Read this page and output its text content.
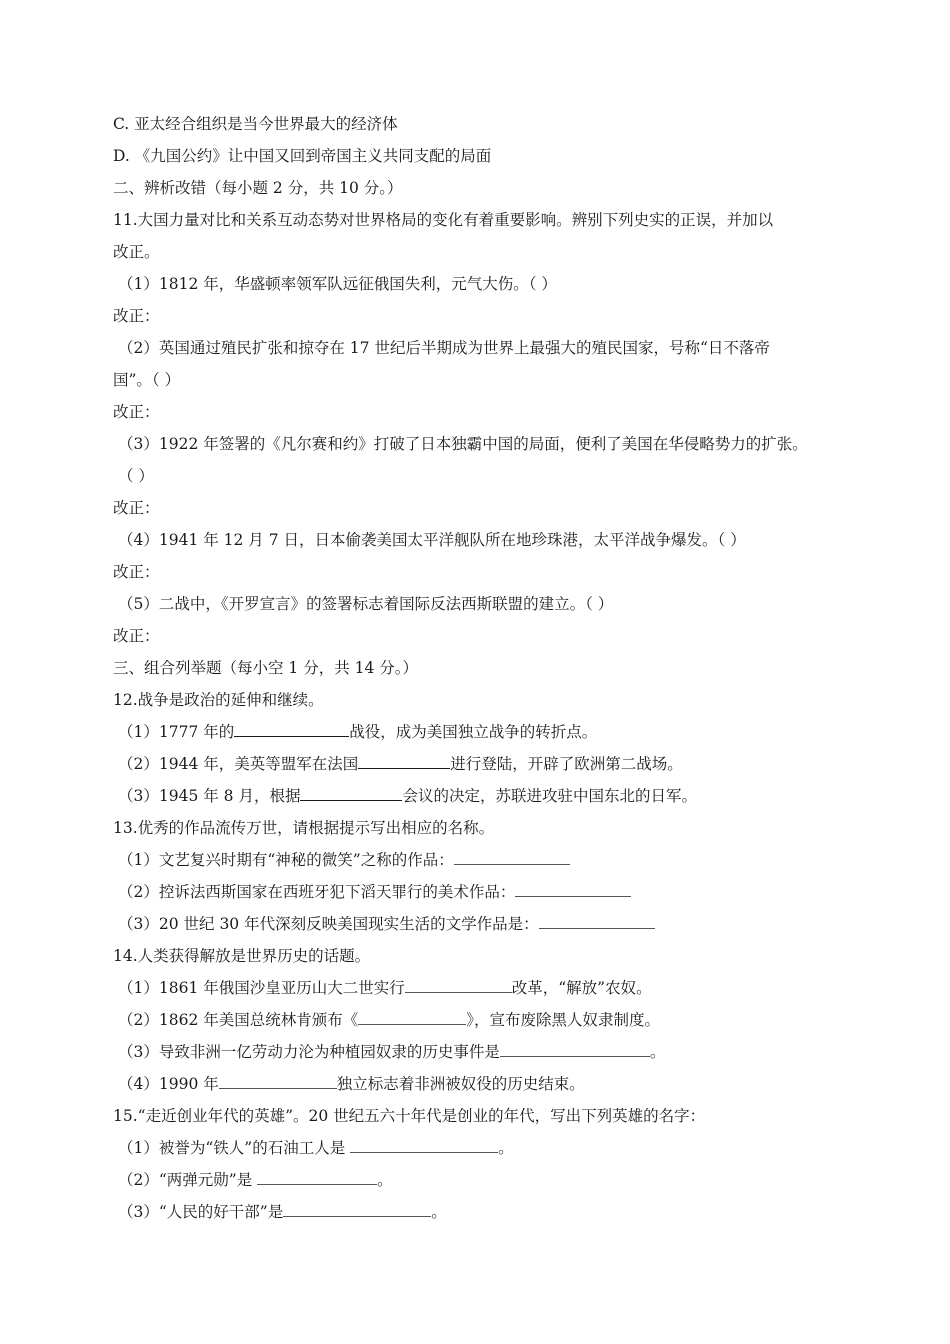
C. 亚太经合组织是当今世界最大的经济体
D. 《九国公约》让中国又回到帝国主义共同支配的局面
二、辨析改错（每小题 2 分，共 10 分。）
11.大国力量对比和关系互动态势对世界格局的变化有着重要影响。辨别下列史实的正误，并加以
改正。
（1）1812 年，华盛顿率领军队远征俄国失利，元气大伤。（ ）
改正：
（2）英国通过殖民扩张和掠夺在 17 世纪后半期成为世界上最强大的殖民国家，号称“日不落帝
国”。（ ）
改正：
（3）1922 年签署的《凡尔赛和约》打破了日本独霸中国的局面，便利了美国在华侵略势力的扩张。
（ ）
改正：
（4）1941 年 12 月 7 日，日本偷袭美国太平洋舰队所在地珍珠港，太平洋战争爆发。（ ）
改正：
（5）二战中，《开罗宣言》的签署标志着国际反法西斯联盟的建立。（ ）
改正：
三、组合列举题（每小空 1 分，共 14 分。）
12.战争是政治的延伸和继续。
（1）1777 年的	战役，成为美国独立战争的转折点。
（2）1944 年，美英等盟军在法国	进行登陆，开辟了欧洲第二战场。
（3）1945 年 8 月，根据	会议的决定，苏联进攻驻中国东北的日军。
13.优秀的作品流传万世，请根据提示写出相应的名称。
（1）文艺复兴时期有“神秘的微笑”之称的作品：
（2）控诉法西斯国家在西班牙犯下滔天罪行的美术作品：
（3）20 世纪 30 年代深刻反映美国现实生活的文学作品是：
14.人类获得解放是世界历史的话题。
（1）1861 年俄国沙皇亚历山大二世实行	改革，“解放”农奴。
（2）1862 年美国总统林肯颁布《	》，宣布废除黑人奴隶制度。
（3）导致非洲一亿劳动力沦为种植园奴隶的历史事件是	。
（4）1990 年	独立标志着非洲被奴役的历史结束。
15.“走近创业年代的英雄”。20 世纪五六十年代是创业的年代，写出下列英雄的名字：
（1）被誉为“铁人”的石油工人是	。
（2）“两弹元勋”是	。
（3）“人民的好干部”是	。
